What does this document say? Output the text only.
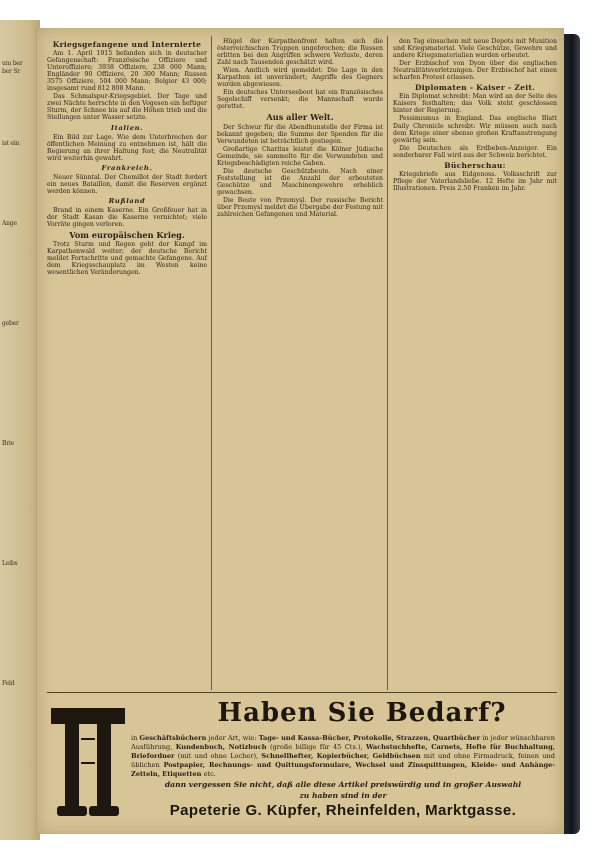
um ber
ber Sr
ist ein
Ange
geber
Brie
Leibs
Feld
Kriegsgefangene und Internierte

Am 1. April 1915 befanden sich in deutscher Gefangenschaft: Französische Offiziere und Unteroffiziere; 3938 Offiziere, 238 000 Mann; Engländer 90 Offiziere, 20 300 Mann; Russen 3575 Offiziere, 504 000 Mann; Belgier 43 000; insgesamt rund 812 808 Mann.

Das Schmalspur-Kriegsgebiet. Der Tage und zwei Nächte herrschte in den Vogesen ein heftiger Sturm, der Schnee bis auf die Höhen trieb und die Stellungen unter Wasser setzte.

Italien.

Ein Bild zur Lage. Wie dem Unterbrechen der öffentlichen Meinung zu entnehmen ist, hält die Regierung an ihrer Haltung fest; die Neutralität wird weiterhin gewahrt.

Frankreich.

Neuer Sünntal. Der Chemillot der Stadt fordert ein neues Bataillon, damit die Reserven ergänzt werden können.

Rußland

Brand in einem Kaserne. Ein Großfeuer hat in der Stadt Kasan die Kaserne vernichtet; viele Vorräte gingen verloren.

Vom europäischen Krieg.

Trotz Sturm und Regen geht der Kampf im Karpathenwald weiter; der deutsche Bericht meldet Fortschritte und gemachte Gefangene. Auf dem Kriegsschauplatz im Westen keine wesentlichen Veränderungen.

Hügel der Karpathenfront halten sich die österreichischen Truppen ungebrochen; die Russen erlitten bei den Angriffen schwere Verluste, deren Zahl nach Tausenden geschätzt wird.

Wien. Amtlich wird gemeldet: Die Lage in den Karpathen ist unverändert; Angriffe des Gegners wurden abgewiesen.

Ein deutsches Unterseeboot hat ein französisches Segelschiff versenkt; die Mannschaft wurde gerettet.

Aus aller Welt.

Der Schwur für die Abendhunstelle der Firma ist bekannt gegeben; die Summe der Spenden für die Verwundeten ist beträchtlich gestiegen.

Großartige Charitas leistet die Kölner Jüdische Gemeinde, sie sammelte für die Verwundeten und Kriegsbeschädigten reiche Gaben.

Die deutsche Geschützbeute. Nach einer Feststellung ist die Anzahl der erbeuteten Geschütze und Maschinengewehre erheblich gewachsen.

Die Beute von Przemysl. Der russische Bericht über Przemysl meldet die Übergabe der Festung mit zahlreichen Gefangenen und Material.

den Tag einsuchen mit neue Depots mit Munition und Kriegsmaterial. Viele Geschütze, Gewehre und andere Kriegsmaterialien wurden erbeutet.

Der Erzbischof von Dyon über die englischen Neutralitätsverletzungen. Der Erzbischof hat einen scharfen Protest erlassen.

Diplomaten - Kaiser - Zeit.

Ein Diplomat schreibt: Man wird an der Seite des Kaisers festhalten; das Volk steht geschlossen hinter der Regierung.

Pessimismus in England. Das englische Blatt Daily Chronicle schreibt: Wir müssen auch nach dem Kriege einer ebenso großen Kraftanstrengung gewärtig sein.

Die Deutschen als Erdbeben-Anzeiger. Ein sonderbarer Fall wird aus der Schweiz berichtet.

Bücherschau:

Kriegsbriefe aus Eidgenoss. Volksschrift zur Pflege der Vaterlandsliebe. 12 Hefte im Jahr mit Illustrationen. Preis 2.50 Franken im Jahr.

Haben Sie Bedarf?
in Geschäftsbüchern jeder Art, wie: Tage- und Kassa-Bücher, Protokolle, Strazzen, Quartbücher in jeder wünschbaren Ausführung, Kundenbuch, Notizbuch (große billige für 45 Cts.), Wachstuchhefte, Carnets, Hefte für Buchhaltung, Briefordner (mit und ohne Locher), Schnellhefter, Kopierbücher, Geldbüchsen mit und ohne Firmadruck, feinen und üblichen Postpapier, Rechnungs- und Quittungsformulare, Wechsel und Zinsquittungen, Kleide- und Anhänge-Zetteln, Etiquetten etc.
dann vergessen Sie nicht, daß alle diese Artikel preiswürdig und in großer Auswahl
zu haben sind in der
Papeterie G. Küpfer, Rheinfelden, Marktgasse.
